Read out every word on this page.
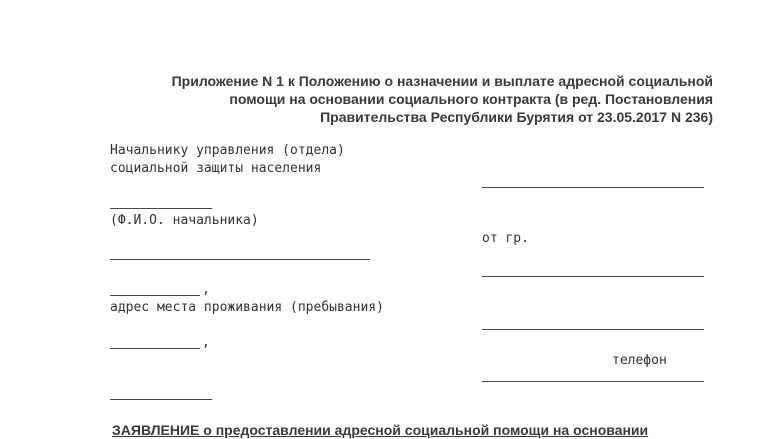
Приложение N 1 к Положению о назначении и выплате адресной социальной
помощи на основании социального контракта (в ред. Постановления
Правительства Республики Бурятия от 23.05.2017 N 236)
Начальнику управления (отдела)
социальной защиты населения
(Ф.И.О. начальника)
,
адрес места проживания (пребывания)
,
от гр.
телефон
ЗАЯВЛЕНИЕ о предоставлении адресной социальной помощи на основании
